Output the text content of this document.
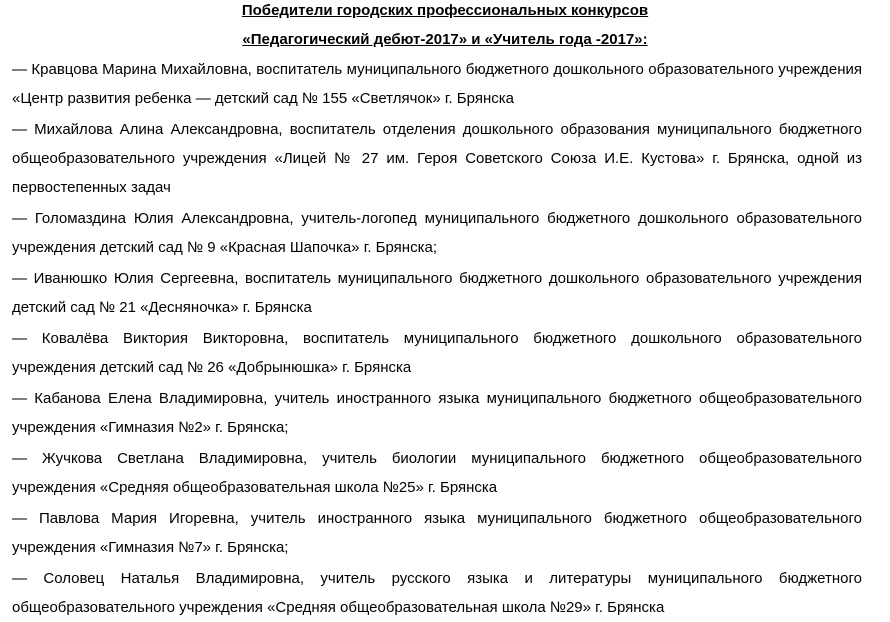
Победители городских профессиональных конкурсов

«Педагогический дебют-2017» и «Учитель года -2017»:

— Кравцова Марина Михайловна, воспитатель муниципального бюджетного дошкольного образовательного учреждения «Центр развития ребенка — детский сад № 155 «Светлячок» г. Брянска

— Михайлова Алина Александровна, воспитатель отделения дошкольного образования муниципального бюджетного общеобразовательного учреждения «Лицей № 27 им. Героя Советского Союза И.Е. Кустова» г. Брянска, одной из первостепенных задач

— Голомаздина Юлия Александровна, учитель-логопед муниципального бюджетного дошкольного образовательного учреждения детский сад № 9 «Красная Шапочка» г. Брянска;

— Иванюшко Юлия Сергеевна, воспитатель муниципального бюджетного дошкольного образовательного учреждения детский сад № 21 «Десняночка» г. Брянска

— Ковалёва Виктория Викторовна, воспитатель муниципального бюджетного дошкольного образовательного учреждения детский сад № 26 «Добрынюшка» г. Брянска

— Кабанова Елена Владимировна, учитель иностранного языка муниципального бюджетного общеобразовательного учреждения «Гимназия №2» г. Брянска;

— Жучкова Светлана Владимировна, учитель биологии муниципального бюджетного общеобразовательного учреждения «Средняя общеобразовательная школа №25» г. Брянска

— Павлова Мария Игоревна, учитель иностранного языка муниципального бюджетного общеобразовательного учреждения «Гимназия №7» г. Брянска;

— Соловец Наталья Владимировна, учитель русского языка и литературы муниципального бюджетного общеобразовательного учреждения «Средняя общеобразовательная школа №29» г. Брянска
